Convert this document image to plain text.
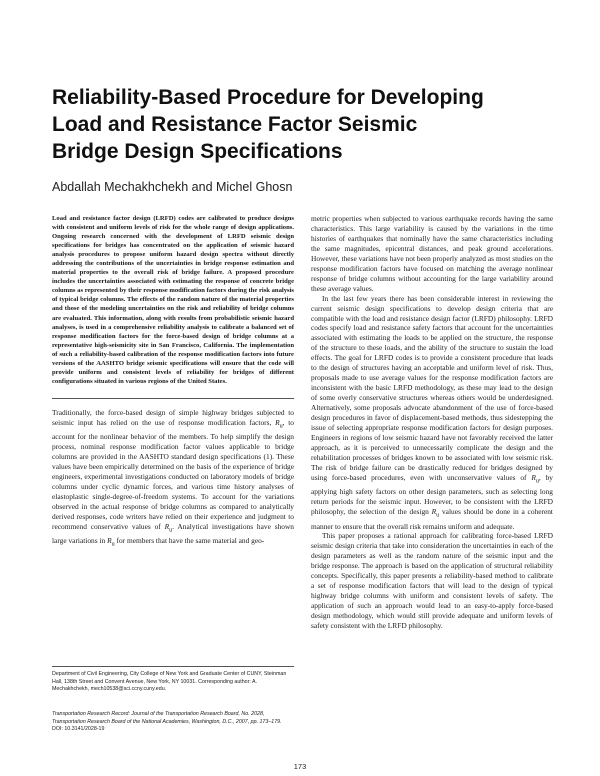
Reliability-Based Procedure for Developing
Load and Resistance Factor Seismic
Bridge Design Specifications
Abdallah Mechakhchekh and Michel Ghosn

Load and resistance factor design (LRFD) codes are calibrated to produce designs with consistent and uniform levels of risk for the whole range of design applications. Ongoing research concerned with the development of LRFD seismic design specifications for bridges has concentrated on the application of seismic hazard analysis procedures to propose uniform hazard design spectra without directly addressing the contributions of the uncertainties in bridge response estimation and material properties to the overall risk of bridge failure. A proposed procedure includes the uncertainties associated with estimating the response of concrete bridge columns as represented by their response modification factors during the risk analysis of typical bridge columns. The effects of the random nature of the material properties and those of the modeling uncertainties on the risk and reliability of bridge columns are evaluated. This information, along with results from probabilistic seismic hazard analyses, is used in a comprehensive reliability analysis to calibrate a balanced set of response modification factors for the force-based design of bridge columns at a representative high-seismicity site in San Francisco, California. The implementation of such a reliability-based calibration of the response modification factors into future versions of the AASHTO bridge seismic specifications will ensure that the code will provide uniform and consistent levels of reliability for bridges of different configurations situated in various regions of the United States.

Traditionally, the force-based design of simple highway bridges subjected to seismic input has relied on the use of response modification factors, $R_u$, to account for the nonlinear behavior of the members. To help simplify the design process, nominal response modification factor values applicable to bridge columns are provided in the AASHTO standard design specifications (1). These values have been empirically determined on the basis of the experience of bridge engineers, experimental investigations conducted on laboratory models of bridge columns under cyclic dynamic forces, and various time history analyses of elastoplastic single-degree-of-freedom systems. To account for the variations observed in the actual response of bridge columns as compared to analytically derived responses, code writers have relied on their experience and judgment to recommend conservative values of $R_u$. Analytical investigations have shown large variations in $R_u$ for members that have the same material and geo-

metric properties when subjected to various earthquake records having the same characteristics. This large variability is caused by the variations in the time histories of earthquakes that nominally have the same characteristics including the same magnitudes, epicentral distances, and peak ground accelerations. However, these variations have not been properly analyzed as most studies on the response modification factors have focused on matching the average nonlinear response of bridge columns without accounting for the large variability around these average values.

In the last few years there has been considerable interest in reviewing the current seismic design specifications to develop design criteria that are compatible with the load and resistance design factor (LRFD) philosophy. LRFD codes specify load and resistance safety factors that account for the uncertainties associated with estimating the loads to be applied on the structure, the response of the structure to these loads, and the ability of the structure to sustain the load effects. The goal for LRFD codes is to provide a consistent procedure that leads to the design of structures having an acceptable and uniform level of risk. Thus, proposals made to use average values for the response modification factors are inconsistent with the basic LRFD methodology, as these may lead to the design of some overly conservative structures whereas others would be underdesigned. Alternatively, some proposals advocate abandonment of the use of force-based design procedures in favor of displacement-based methods, thus sidestepping the issue of selecting appropriate response modification factors for design purposes. Engineers in regions of low seismic hazard have not favorably received the latter approach, as it is perceived to unnecessarily complicate the design and the rehabilitation processes of bridges known to be associated with low seismic risk. The risk of bridge failure can be drastically reduced for bridges designed by using force-based procedures, even with unconservative values of $R_u$, by applying high safety factors on other design parameters, such as selecting long return periods for the seismic input. However, to be consistent with the LRFD philosophy, the selection of the design $R_u$ values should be done in a coherent manner to ensure that the overall risk remains uniform and adequate.

This paper proposes a rational approach for calibrating force-based LRFD seismic design criteria that take into consideration the uncertainties in each of the design parameters as well as the random nature of the seismic input and the bridge response. The approach is based on the application of structural reliability concepts. Specifically, this paper presents a reliability-based method to calibrate a set of response modification factors that will lead to the design of typical highway bridge columns with uniform and consistent levels of safety. The application of such an approach would lead to an easy-to-apply force-based design methodology, which would still provide adequate and uniform levels of safety consistent with the LRFD philosophy.

Department of Civil Engineering, City College of New York and Graduate Center of CUNY, Steinman Hall, 138th Street and Convent Avenue, New York, NY 10031. Corresponding author: A. Mechakhchekh, mech10538@sci.ccny.cuny.edu.

Transportation Research Record: Journal of the Transportation Research Board, No. 2028, Transportation Research Board of the National Academies, Washington, D.C., 2007, pp. 173–179.
DOI: 10.3141/2028-19

173
